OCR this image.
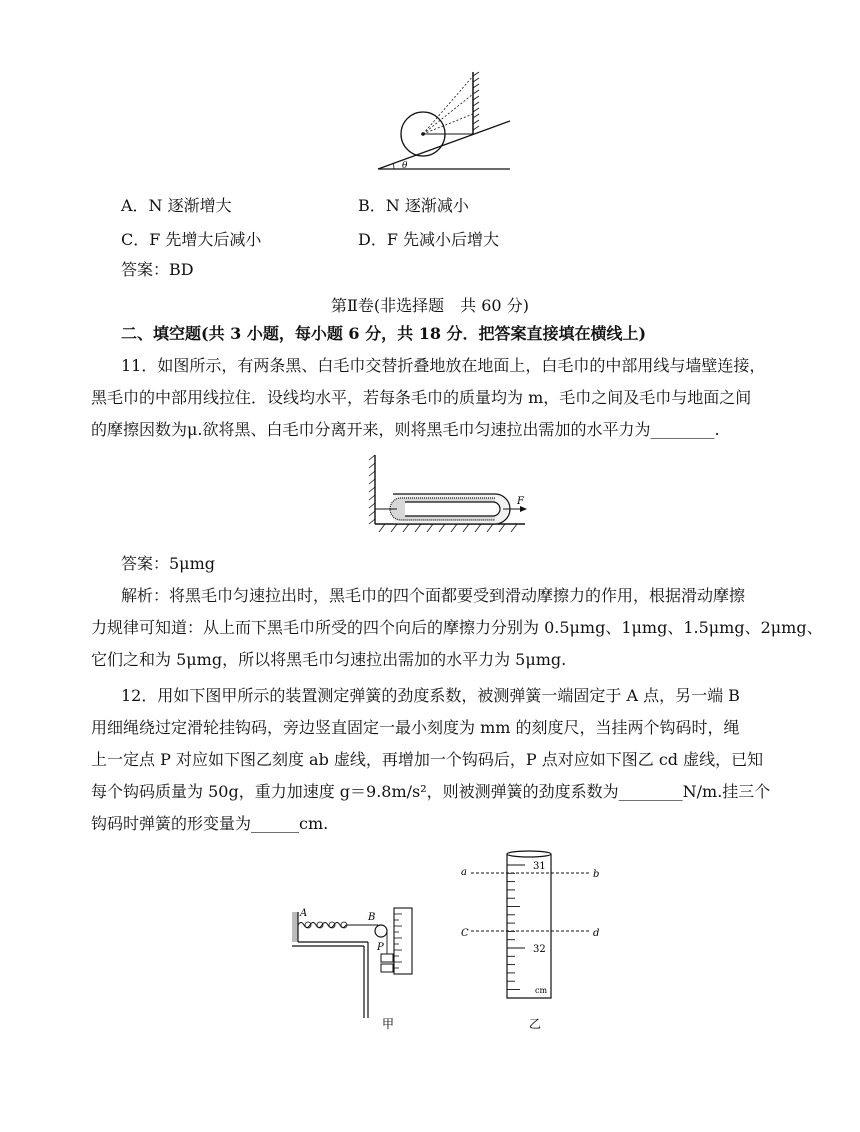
θ
A．N 逐渐增大	B．N 逐渐减小
C．F 先增大后减小	D．F 先减小后增大
答案：BD
第Ⅱ卷(非选择题　共 60 分)
二、填空题(共 3 小题，每小题 6 分，共 18 分．把答案直接填在横线上)
11．如图所示，有两条黑、白毛巾交替折叠地放在地面上，白毛巾的中部用线与墙壁连接，
黑毛巾的中部用线拉住．设线均水平，若每条毛巾的质量均为 m，毛巾之间及毛巾与地面之间
的摩擦因数为μ.欲将黑、白毛巾分离开来，则将黑毛巾匀速拉出需加的水平力为________.
F
答案：5μmg
解析：将黑毛巾匀速拉出时，黑毛巾的四个面都要受到滑动摩擦力的作用，根据滑动摩擦
力规律可知道：从上而下黑毛巾所受的四个向后的摩擦力分别为 0.5μmg、1μmg、1.5μmg、2μmg、
它们之和为 5μmg，所以将黑毛巾匀速拉出需加的水平力为 5μmg.
12．用如下图甲所示的装置测定弹簧的劲度系数，被测弹簧一端固定于 A 点，另一端 B
用细绳绕过定滑轮挂钩码，旁边竖直固定一最小刻度为 mm 的刻度尺，当挂两个钩码时，绳
上一定点 P 对应如下图乙刻度 ab 虚线，再增加一个钩码后，P 点对应如下图乙 cd 虚线，已知
每个钩码质量为 50g，重力加速度 g＝9.8m/s²，则被测弹簧的劲度系数为________N/m.挂三个
钩码时弹簧的形变量为______cm.
A	B
P
甲
a	b
C	d
31
32
cm
乙
